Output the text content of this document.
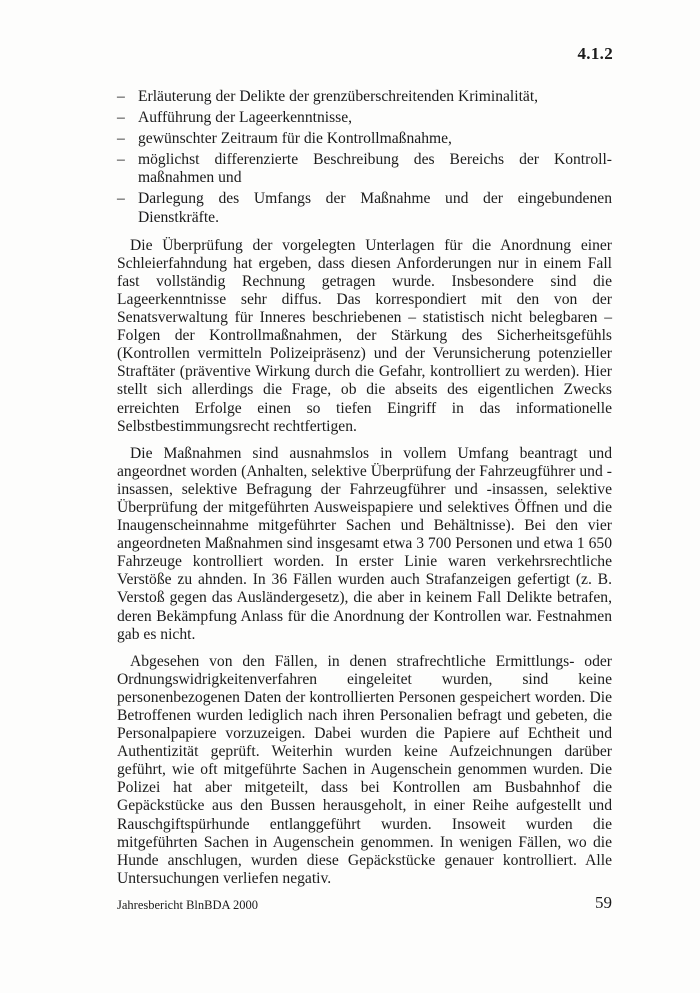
4.1.2
– Erläuterung der Delikte der grenzüberschreitenden Kriminalität,
– Aufführung der Lageerkenntnisse,
– gewünschter Zeitraum für die Kontrollmaßnahme,
– möglichst differenzierte Beschreibung des Bereichs der Kontrollmaßnahmen und
– Darlegung des Umfangs der Maßnahme und der eingebundenen Dienstkräfte.

Die Überprüfung der vorgelegten Unterlagen für die Anordnung einer Schleierfahndung hat ergeben, dass diesen Anforderungen nur in einem Fall fast vollständig Rechnung getragen wurde. Insbesondere sind die Lageerkenntnisse sehr diffus. Das korrespondiert mit den von der Senatsverwaltung für Inneres beschriebenen – statistisch nicht belegbaren – Folgen der Kontrollmaßnahmen, der Stärkung des Sicherheitsgefühls (Kontrollen vermitteln Polizeipräsenz) und der Verunsicherung potenzieller Straftäter (präventive Wirkung durch die Gefahr, kontrolliert zu werden). Hier stellt sich allerdings die Frage, ob die abseits des eigentlichen Zwecks erreichten Erfolge einen so tiefen Eingriff in das informationelle Selbstbestimmungsrecht rechtfertigen.

Die Maßnahmen sind ausnahmslos in vollem Umfang beantragt und angeordnet worden (Anhalten, selektive Überprüfung der Fahrzeugführer und -insassen, selektive Befragung der Fahrzeugführer und -insassen, selektive Überprüfung der mitgeführten Ausweispapiere und selektives Öffnen und die Inaugenscheinnahme mitgeführter Sachen und Behältnisse). Bei den vier angeordneten Maßnahmen sind insgesamt etwa 3 700 Personen und etwa 1 650 Fahrzeuge kontrolliert worden. In erster Linie waren verkehrsrechtliche Verstöße zu ahnden. In 36 Fällen wurden auch Strafanzeigen gefertigt (z. B. Verstoß gegen das Ausländergesetz), die aber in keinem Fall Delikte betrafen, deren Bekämpfung Anlass für die Anordnung der Kontrollen war. Festnahmen gab es nicht.

Abgesehen von den Fällen, in denen strafrechtliche Ermittlungs- oder Ordnungswidrigkeitenverfahren eingeleitet wurden, sind keine personenbezogenen Daten der kontrollierten Personen gespeichert worden. Die Betroffenen wurden lediglich nach ihren Personalien befragt und gebeten, die Personalpapiere vorzuzeigen. Dabei wurden die Papiere auf Echtheit und Authentizität geprüft. Weiterhin wurden keine Aufzeichnungen darüber geführt, wie oft mitgeführte Sachen in Augenschein genommen wurden. Die Polizei hat aber mitgeteilt, dass bei Kontrollen am Busbahnhof die Gepäckstücke aus den Bussen herausgeholt, in einer Reihe aufgestellt und Rauschgiftspürhunde entlanggeführt wurden. Insoweit wurden die mitgeführten Sachen in Augenschein genommen. In wenigen Fällen, wo die Hunde anschlugen, wurden diese Gepäckstücke genauer kontrolliert. Alle Untersuchungen verliefen negativ.

Jahresbericht BlnBDA 2000	59
